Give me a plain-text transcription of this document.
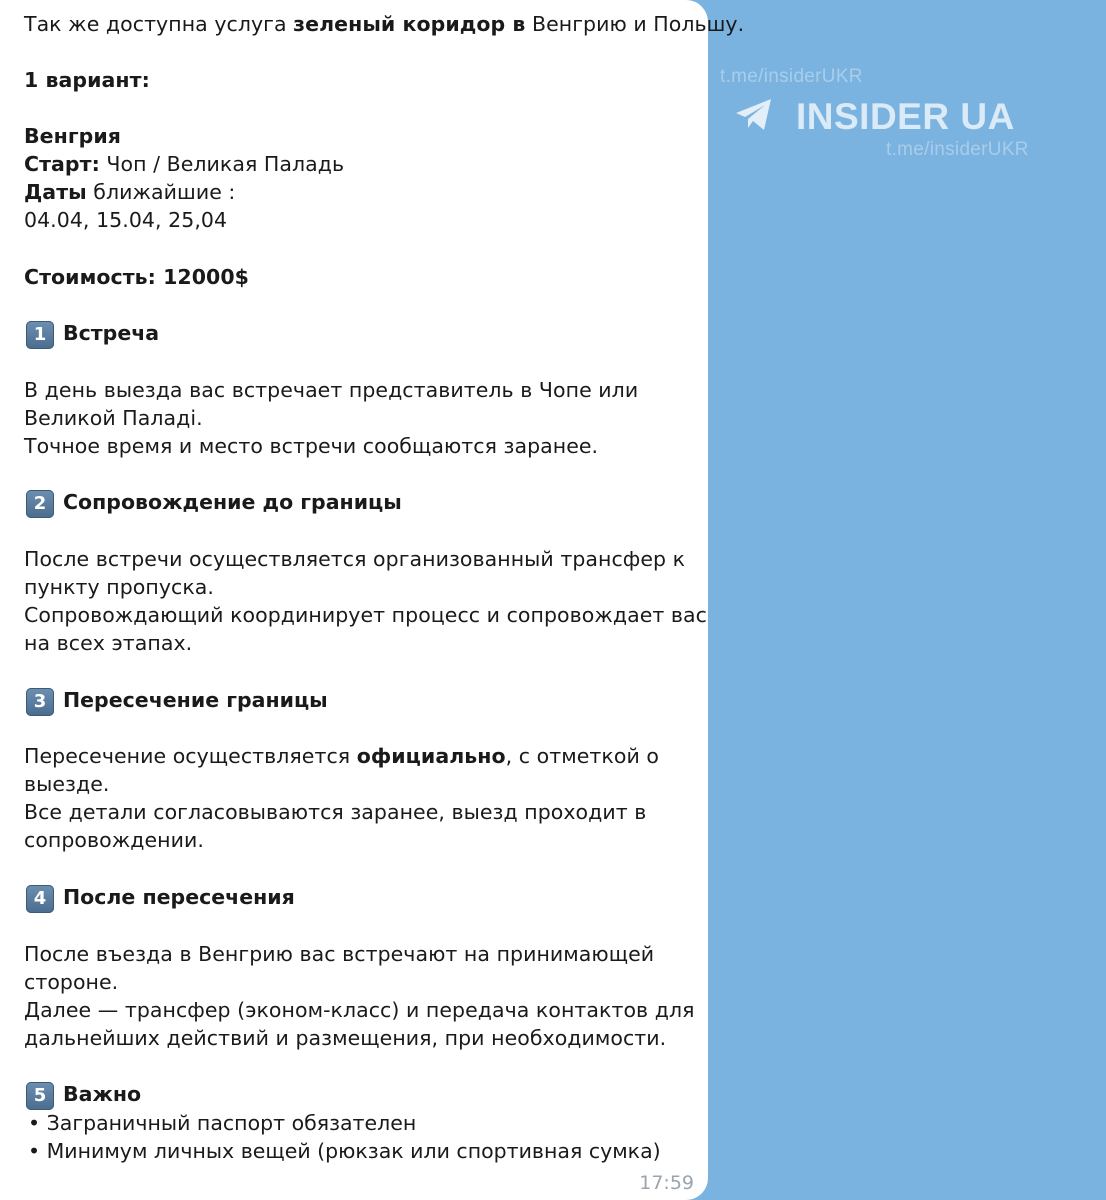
Так же доступна услуга зеленый коридор в Венгрию и Польшу.
1 вариант:
Венгрия
Старт: Чоп / Великая Паладь
Даты ближайшие :
04.04, 15.04, 25,04
Стоимость: 12000$
1 Встреча
В день выезда вас встречает представитель в Чопе или
Великой Паладі.
Точное время и место встречи сообщаются заранее.
2 Сопровождение до границы
После встречи осуществляется организованный трансфер к
пункту пропуска.
Сопровождающий координирует процесс и сопровождает вас
на всех этапах.
3 Пересечение границы
Пересечение осуществляется официально, с отметкой о
выезде.
Все детали согласовываются заранее, выезд проходит в
сопровождении.
4 После пересечения
После въезда в Венгрию вас встречают на принимающей
стороне.
Далее — трансфер (эконом-класс) и передача контактов для
дальнейших действий и размещения, при необходимости.
5 Важно
• Заграничный паспорт обязателен
• Минимум личных вещей (рюкзак или спортивная сумка)
17:59
t.me/insiderUKR
INSIDER UA
t.me/insiderUKR
